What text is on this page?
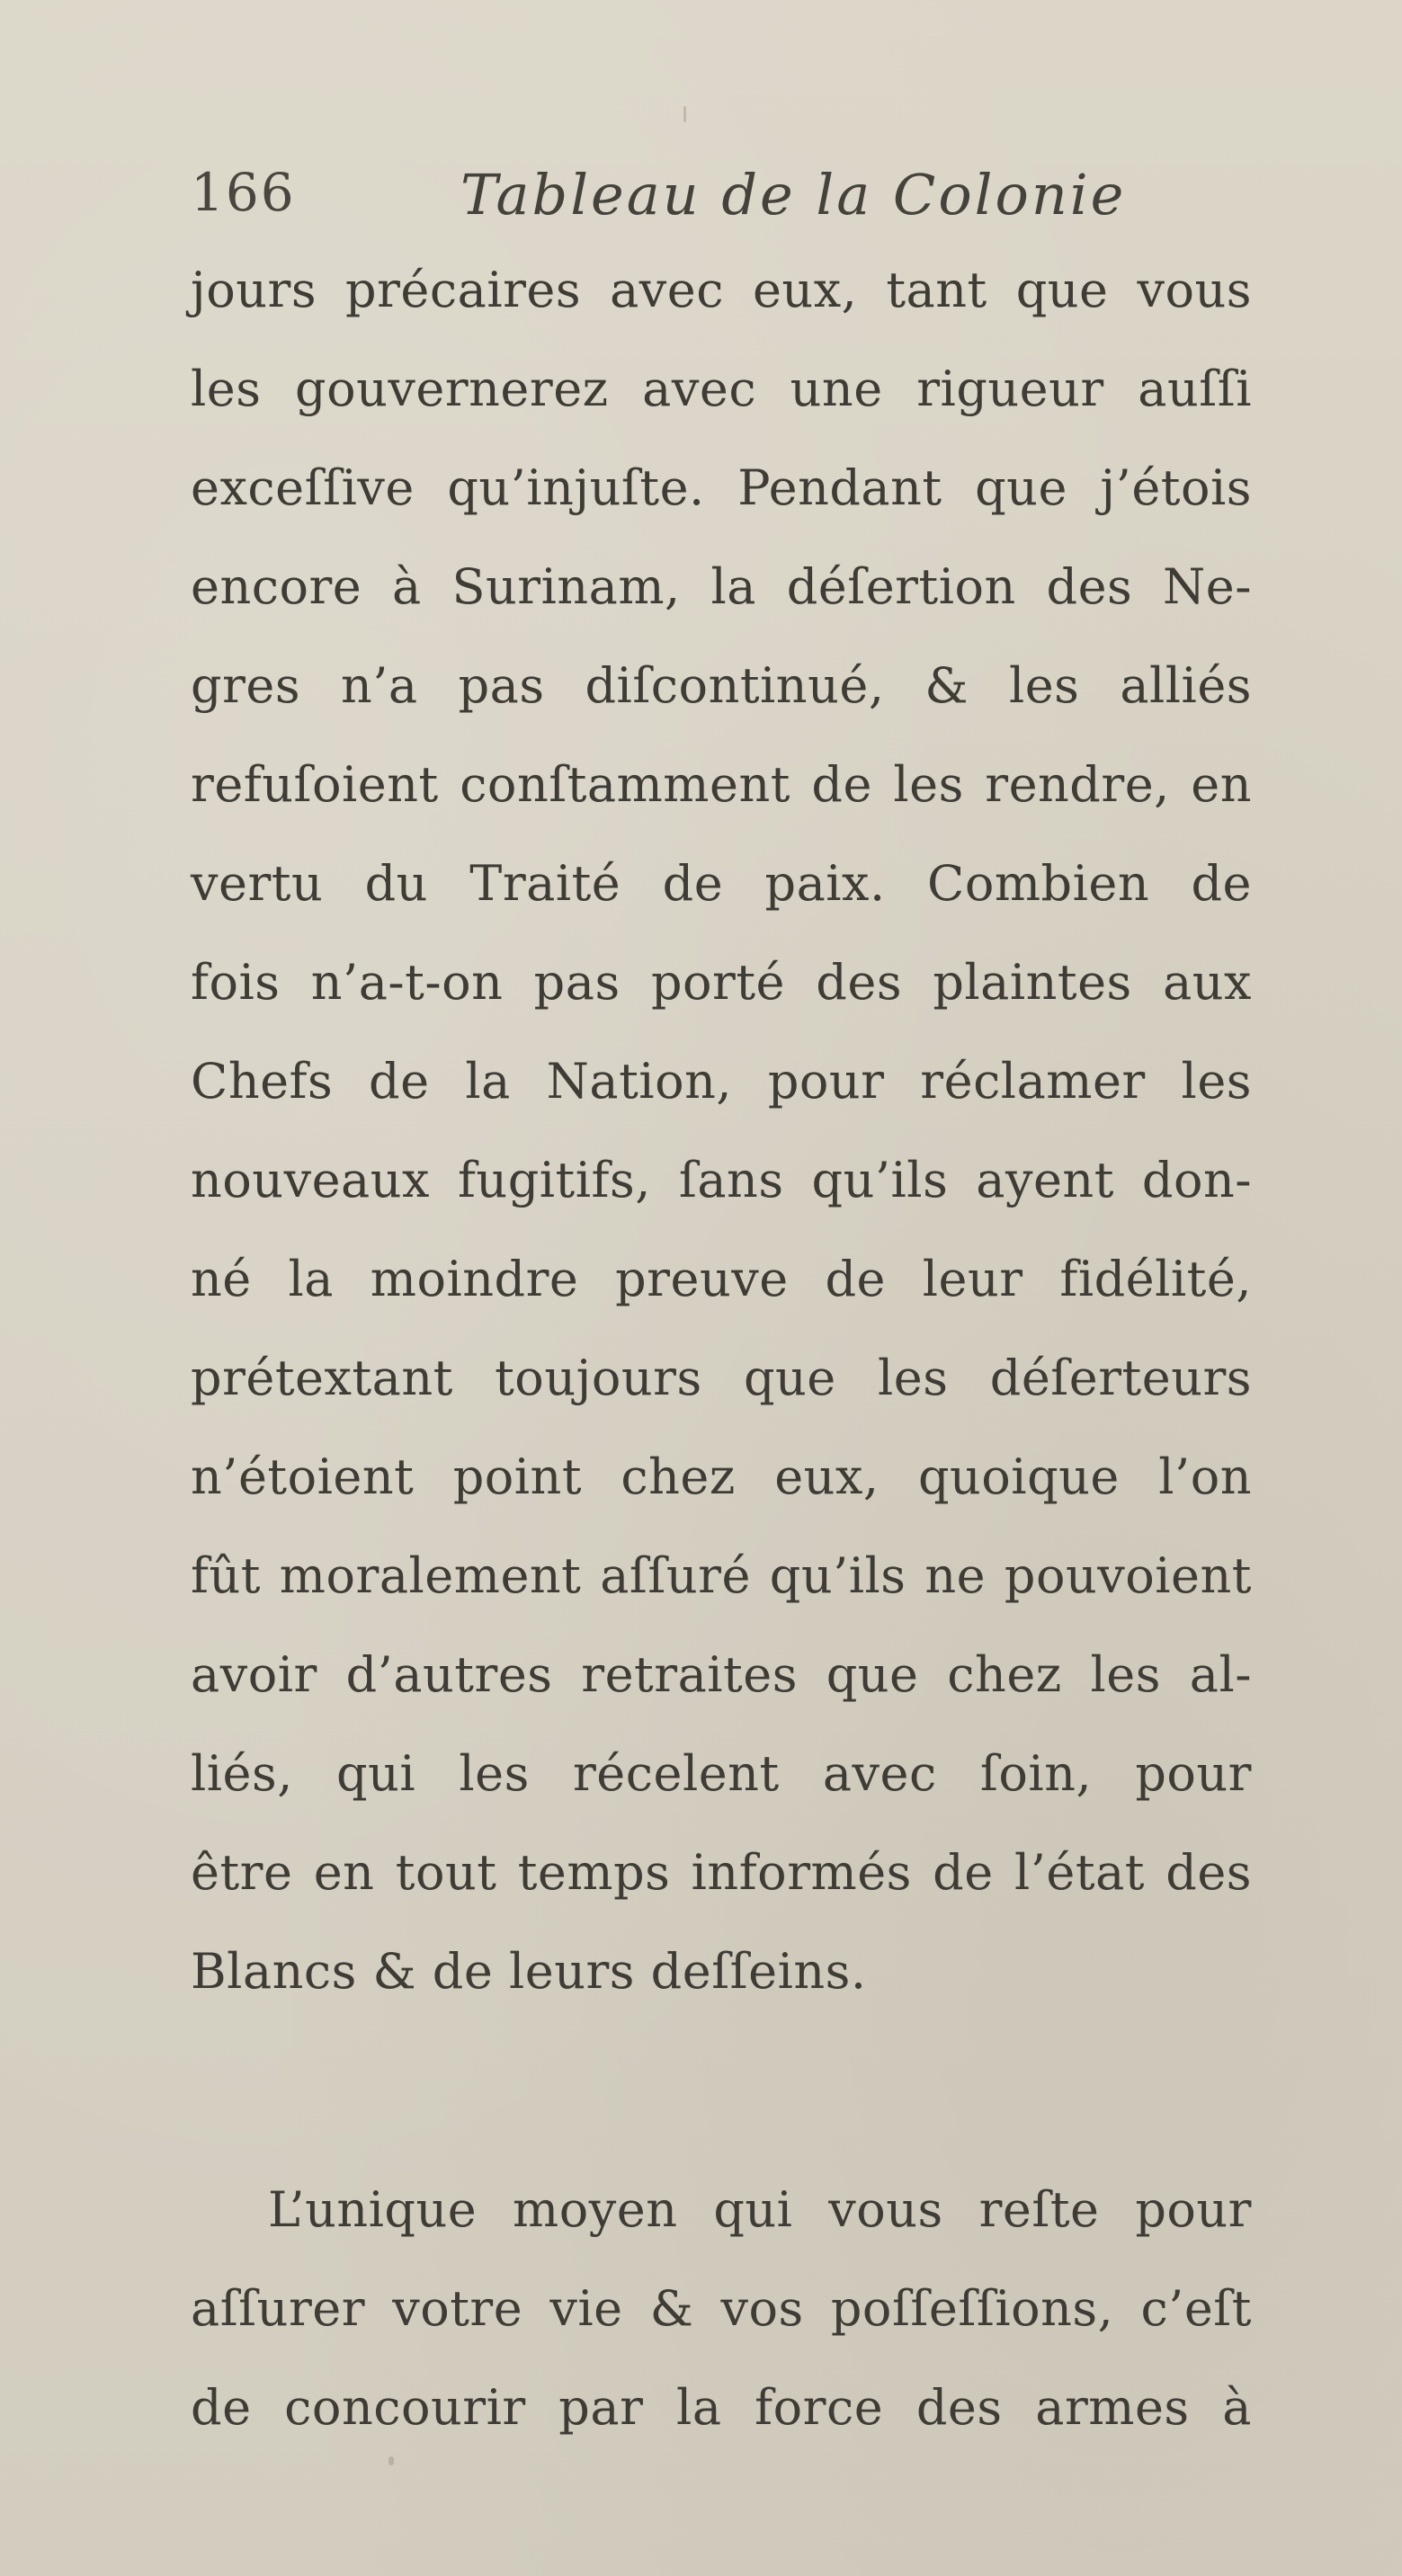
166	Tableau de la Colonie
jours précaires avec eux, tant que vous
les gouvernerez avec une rigueur auſſi
exceſſive qu’injuſte. Pendant que j’étois
encore à Surinam, la déſertion des Ne-
gres n’a pas diſcontinué, & les alliés
refuſoient conſtamment de les rendre, en
vertu du Traité de paix. Combien de
fois n’a-t-on pas porté des plaintes aux
Chefs de la Nation, pour réclamer les
nouveaux fugitifs, ſans qu’ils ayent don-
né la moindre preuve de leur fidélité,
prétextant toujours que les déſerteurs
n’étoient point chez eux, quoique l’on
fût moralement aſſuré qu’ils ne pouvoient
avoir d’autres retraites que chez les al-
liés, qui les récelent avec ſoin, pour
être en tout temps informés de l’état des
Blancs & de leurs deſſeins.
L’unique moyen qui vous reſte pour
aſſurer votre vie & vos poſſeſſions, c’eſt
de concourir par la force des armes à
